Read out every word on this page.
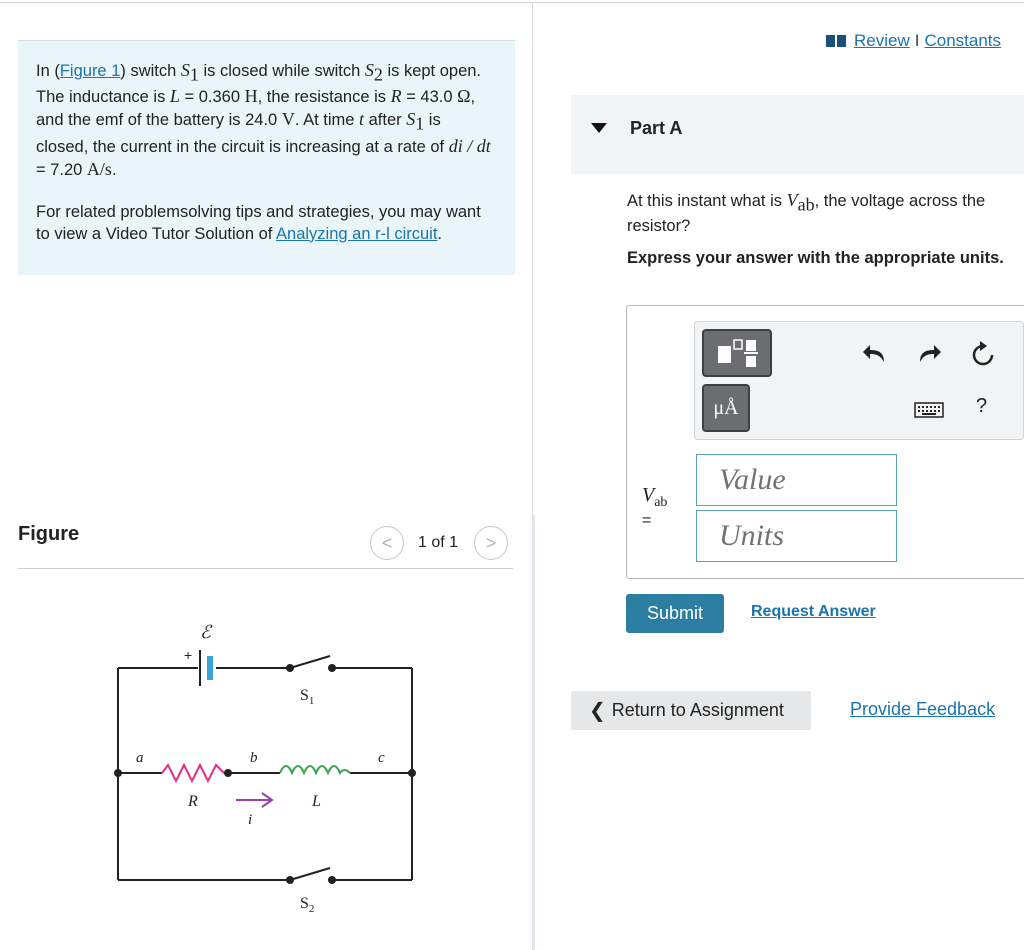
In (Figure 1) switch $S_1$ is closed while switch $S_2$ is kept open. The inductance is L = 0.360 H, the resistance is R = 43.0 Ω, and the emf of the battery is 24.0 V. At time t after $S_1$ is closed, the current in the circuit is increasing at a rate of di / dt = 7.20 A/s.

For related problemsolving tips and strategies, you may want to view a Video Tutor Solution of Analyzing an r-l circuit.

Figure	< 1 of 1 >
+
ℰ
$S_1$
$S_2$
R	L
a	b	c
i
Review I Constants
Part A
At this instant what is $V_{ab}$, the voltage across the resistor?
Express your answer with the appropriate units.
μÅ	?
$V_{ab}$
=
Value
Units
Submit	Request Answer
❮ Return to Assignment	Provide Feedback
